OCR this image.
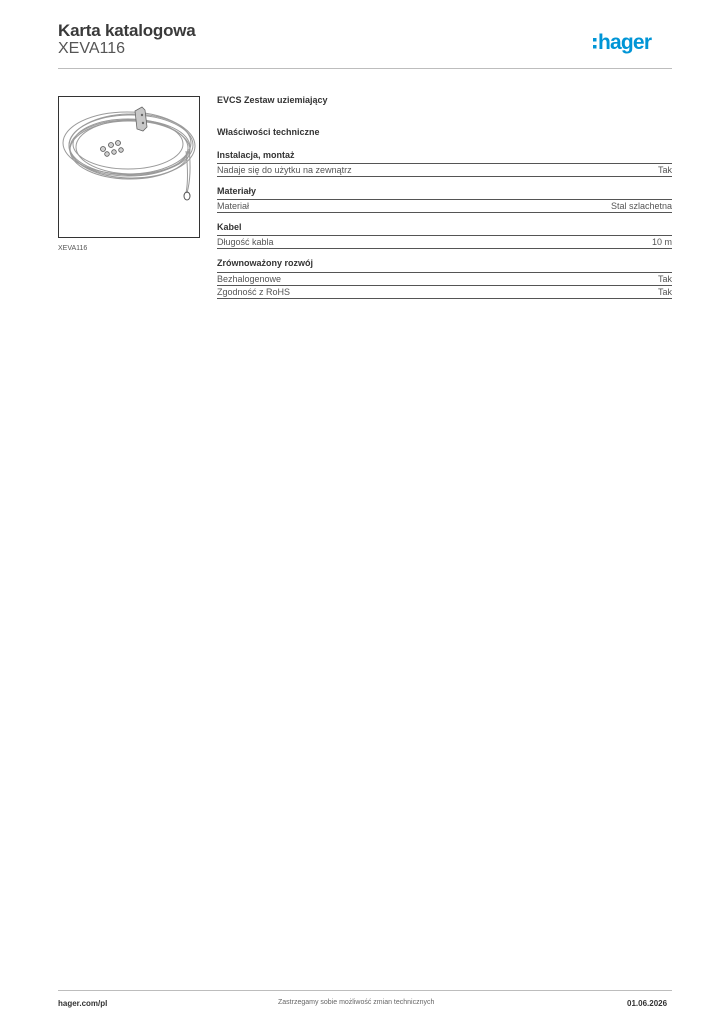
Karta katalogowa
XEVA116	hager
XEVA116
EVCS Zestaw uziemiający
Właściwości techniczne
Instalacja, montaż
Nadaje się do użytku na zewnątrz	Tak
Materiały
Materiał	Stal szlachetna
Kabel
Długość kabla	10 m
Zrównoważony rozwój
Bezhalogenowe	Tak
Zgodność z RoHS	Tak
hager.com/pl	Zastrzegamy sobie możliwość zmian technicznych	01.06.2026
